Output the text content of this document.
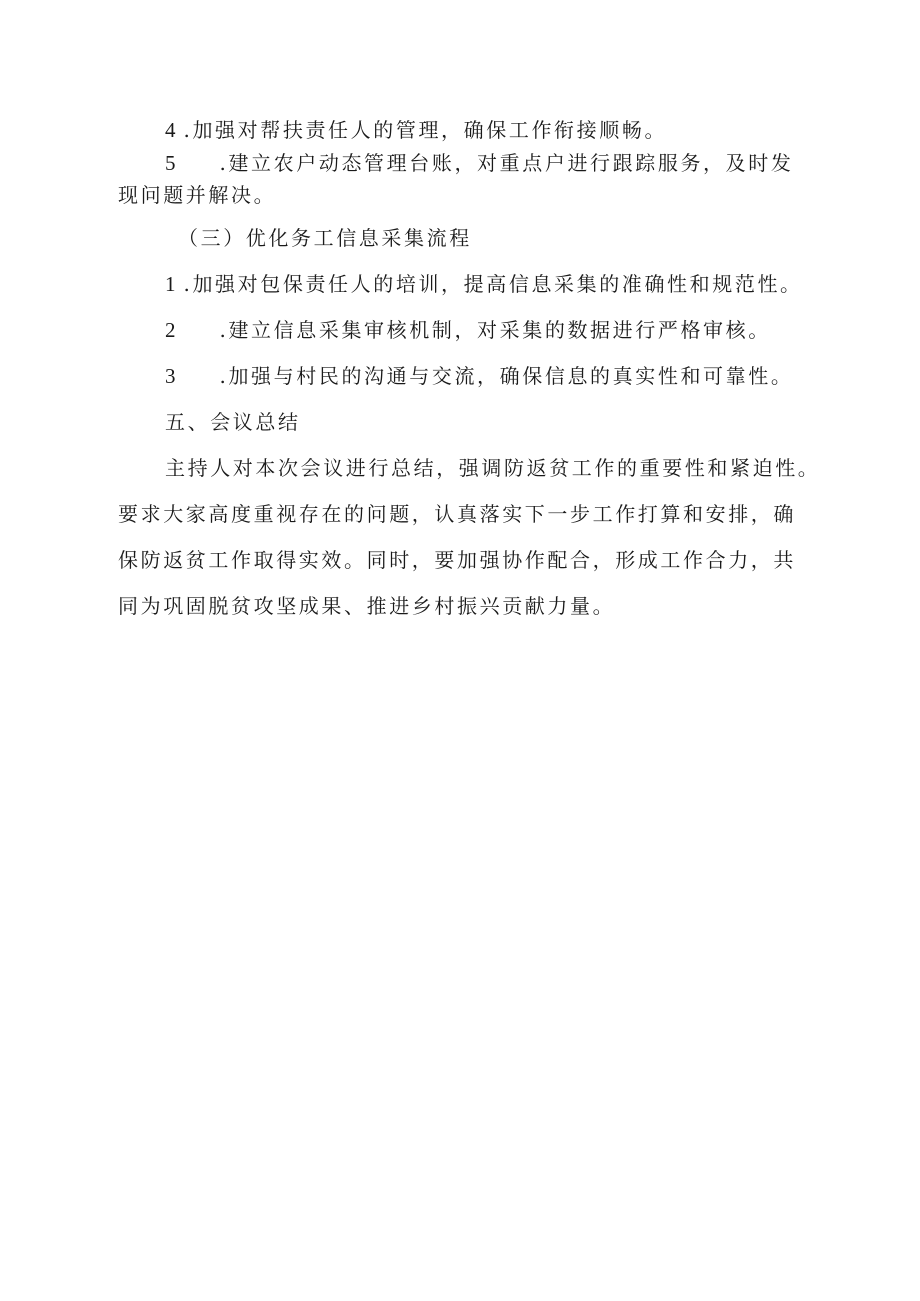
4 .加强对帮扶责任人的管理，确保工作衔接顺畅。
5 .建立农户动态管理台账，对重点户进行跟踪服务，及时发
现问题并解决。
（三）优化务工信息采集流程
1 .加强对包保责任人的培训，提高信息采集的准确性和规范性。
2 .建立信息采集审核机制，对采集的数据进行严格审核。
3 .加强与村民的沟通与交流，确保信息的真实性和可靠性。
五、会议总结
主持人对本次会议进行总结，强调防返贫工作的重要性和紧迫性。
要求大家高度重视存在的问题，认真落实下一步工作打算和安排，确
保防返贫工作取得实效。同时，要加强协作配合，形成工作合力，共
同为巩固脱贫攻坚成果、推进乡村振兴贡献力量。
